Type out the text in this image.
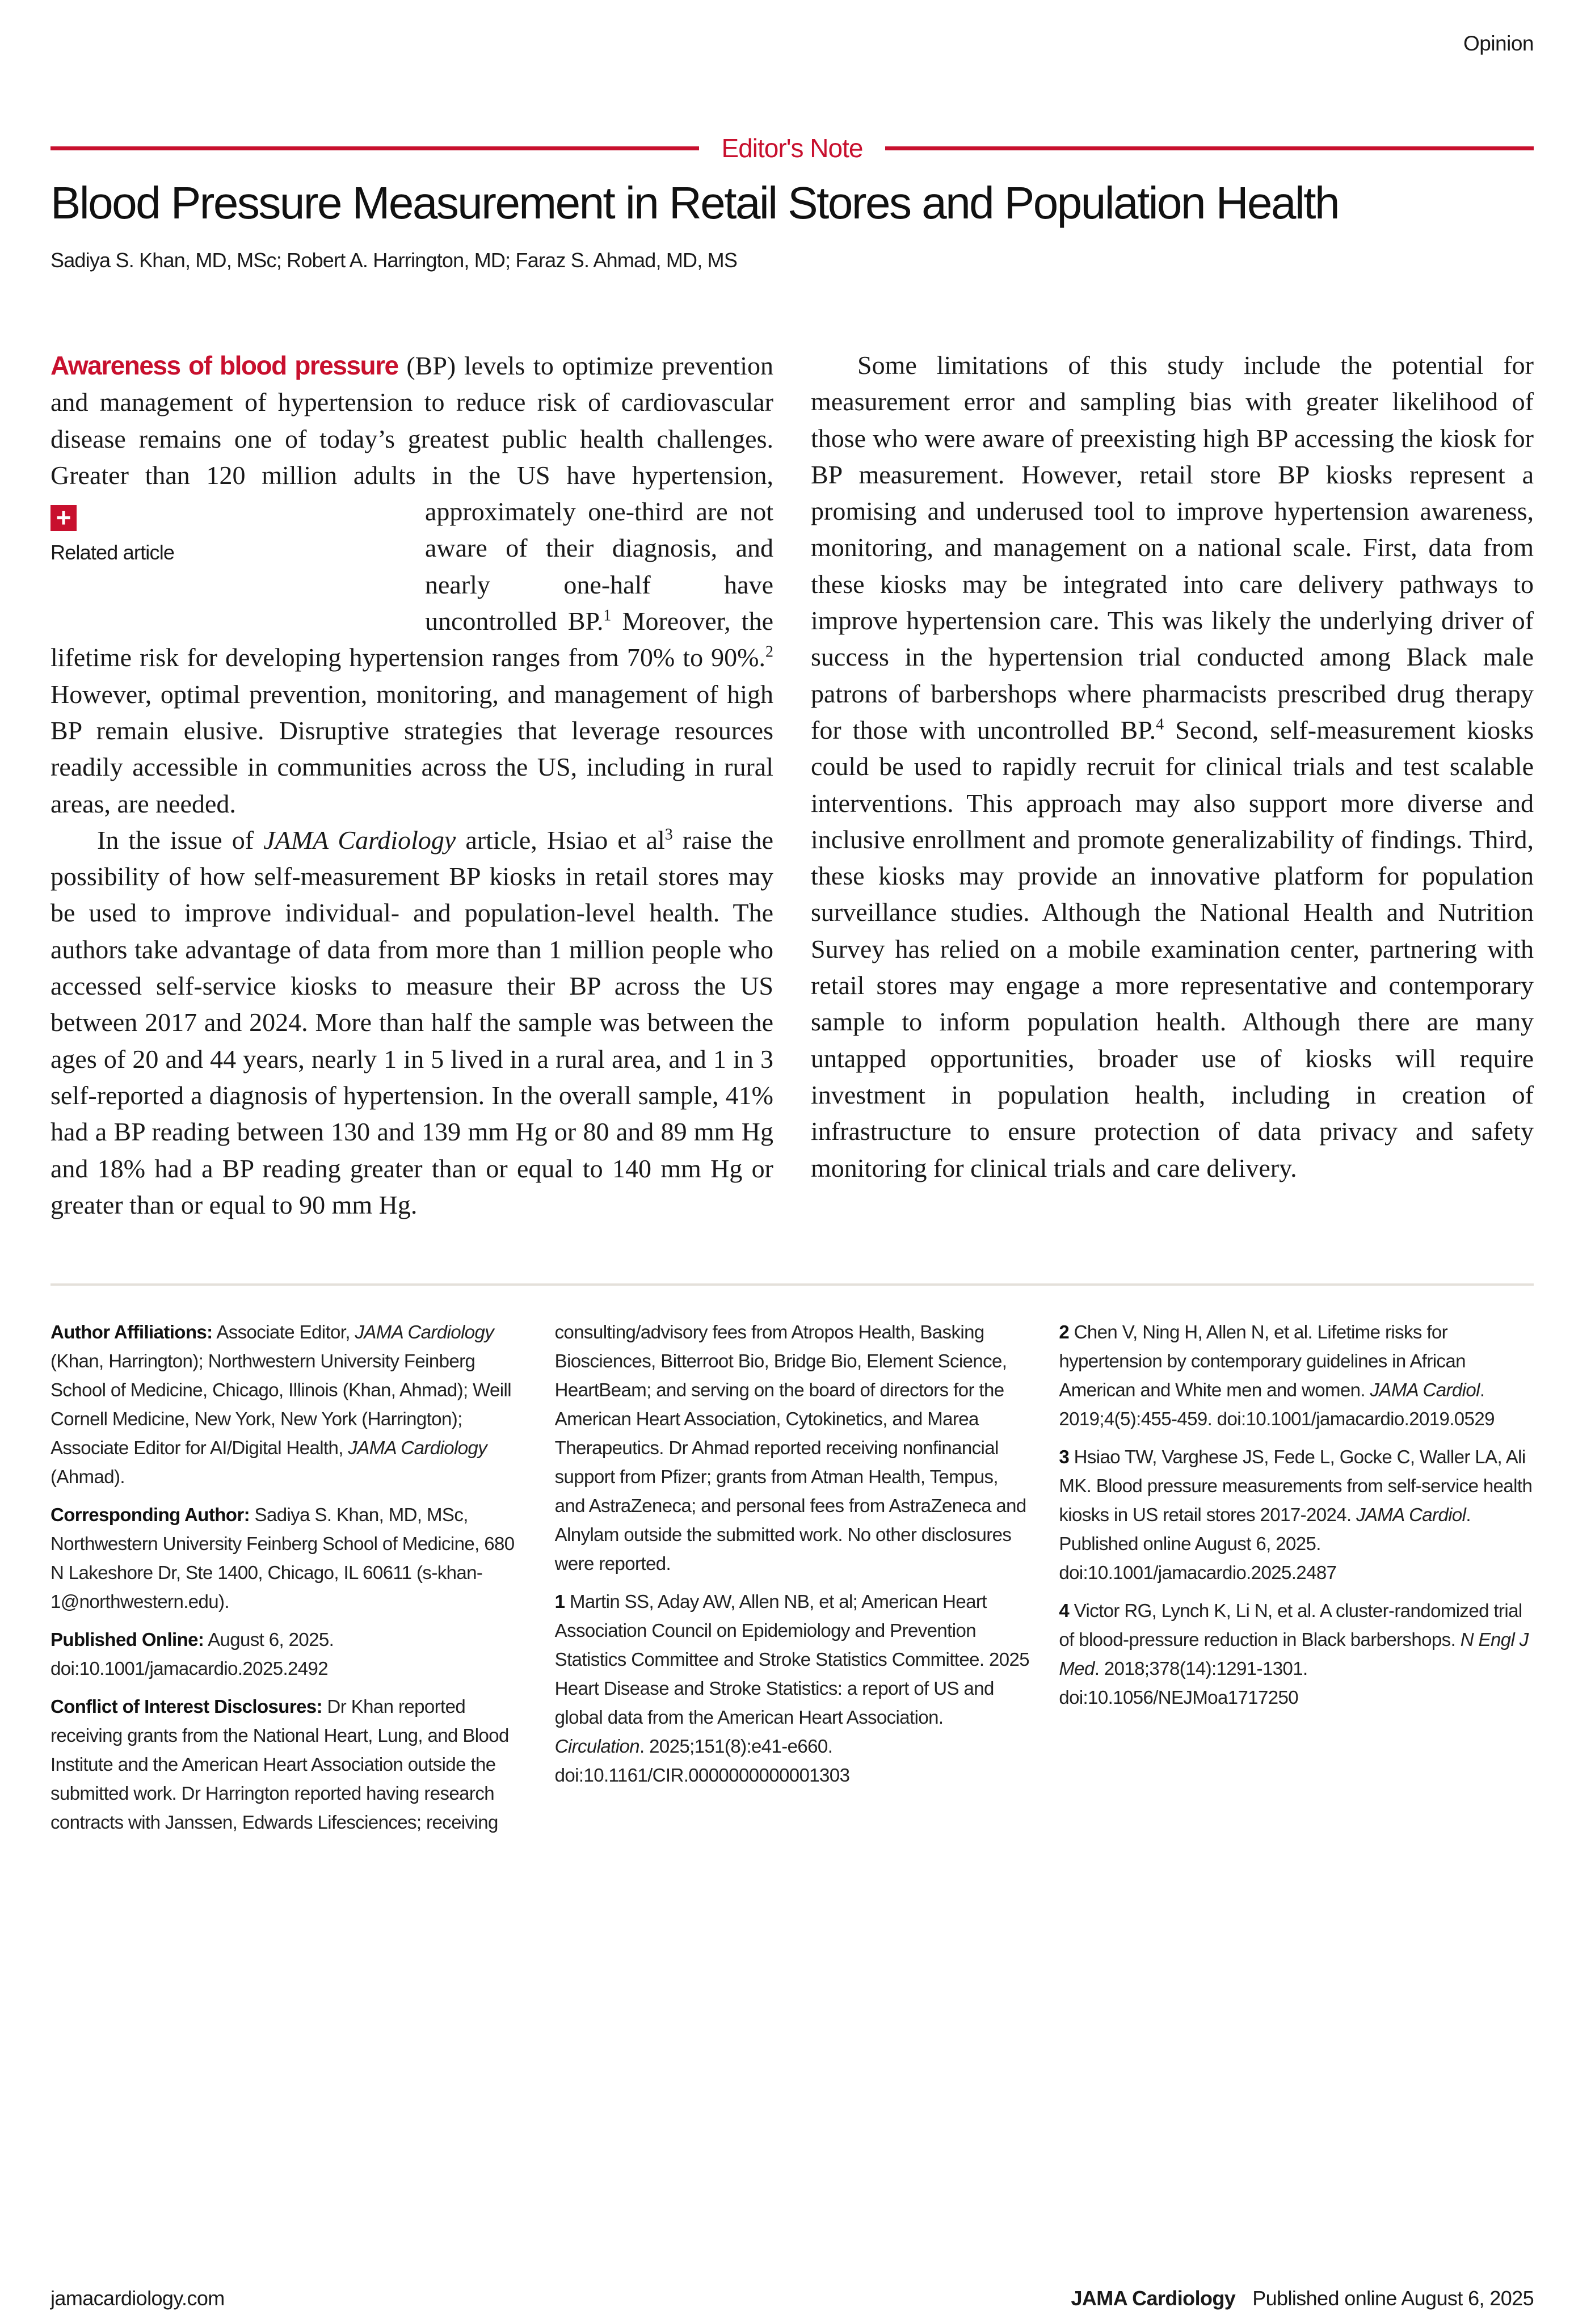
Opinion
Editor's Note
Blood Pressure Measurement in Retail Stores and Population Health
Sadiya S. Khan, MD, MSc; Robert A. Harrington, MD; Faraz S. Ahmad, MD, MS

Awareness of blood pressure (BP) levels to optimize prevention and management of hypertension to reduce risk of cardiovascular disease remains one of today’s greatest public health challenges. Greater than 120 million adults in the
+
Related article
US have hypertension, approximately one-third are not aware of their diagnosis, and nearly one-half have uncontrolled BP.$^1$ Moreover, the lifetime risk for developing hypertension ranges from 70% to 90%.$^2$ However, optimal prevention, monitoring, and management of high BP remain elusive. Disruptive strategies that leverage resources readily accessible in communities across the US, including in rural areas, are needed.

In the issue of JAMA Cardiology article, Hsiao et $al^3$ raise the possibility of how self-measurement BP kiosks in retail stores may be used to improve individual- and population-level health. The authors take advantage of data from more than 1 million people who accessed self-service kiosks to measure their BP across the US between 2017 and 2024. More than half the sample was between the ages of 20 and 44 years, nearly 1 in 5 lived in a rural area, and 1 in 3 self-reported a diagnosis of hypertension. In the overall sample, 41% had a BP reading between 130 and 139 mm Hg or 80 and 89 mm Hg and 18% had a BP reading greater than or equal to 140 mm Hg or greater than or equal to 90 mm Hg.

Some limitations of this study include the potential for measurement error and sampling bias with greater likelihood of those who were aware of preexisting high BP accessing the kiosk for BP measurement. However, retail store BP kiosks represent a promising and underused tool to improve hypertension awareness, monitoring, and management on a national scale. First, data from these kiosks may be integrated into care delivery pathways to improve hypertension care. This was likely the underlying driver of success in the hypertension trial conducted among Black male patrons of barbershops where pharmacists prescribed drug therapy for those with uncontrolled BP.$^4$ Second, self-measurement kiosks could be used to rapidly recruit for clinical trials and test scalable interventions. This approach may also support more diverse and inclusive enrollment and promote generalizability of findings. Third, these kiosks may provide an innovative platform for population surveillance studies. Although the National Health and Nutrition Survey has relied on a mobile examination center, partnering with retail stores may engage a more representative and contemporary sample to inform population health. Although there are many untapped opportunities, broader use of kiosks will require investment in population health, including in creation of infrastructure to ensure protection of data privacy and safety monitoring for clinical trials and care delivery.

Author Affiliations: Associate Editor, JAMA Cardiology (Khan, Harrington); Northwestern University Feinberg School of Medicine, Chicago, Illinois (Khan, Ahmad); Weill Cornell Medicine, New York, New York (Harrington); Associate Editor for AI/Digital Health, JAMA Cardiology (Ahmad).

Corresponding Author: Sadiya S. Khan, MD, MSc, Northwestern University Feinberg School of Medicine, 680 N Lakeshore Dr, Ste 1400, Chicago, IL 60611 (s-khan-1@northwestern.edu).

Published Online: August 6, 2025. doi:10.1001/jamacardio.2025.2492

Conflict of Interest Disclosures: Dr Khan reported receiving grants from the National Heart, Lung, and Blood Institute and the American Heart Association outside the submitted work. Dr Harrington reported having research contracts with Janssen, Edwards Lifesciences; receiving consulting/advisory fees from Atropos Health, Basking Biosciences, Bitterroot Bio, Bridge Bio, Element Science, HeartBeam; and serving on the board of directors for the American Heart Association, Cytokinetics, and Marea Therapeutics. Dr Ahmad reported receiving nonfinancial support from Pfizer; grants from Atman Health, Tempus, and AstraZeneca; and personal fees from AstraZeneca and Alnylam outside the submitted work. No other disclosures were reported.

1 Martin SS, Aday AW, Allen NB, et al; American Heart Association Council on Epidemiology and Prevention Statistics Committee and Stroke Statistics Committee. 2025 Heart Disease and Stroke Statistics: a report of US and global data from the American Heart Association. Circulation. 2025;151(8):e41-e660. doi:10.1161/CIR.0000000000001303

2 Chen V, Ning H, Allen N, et al. Lifetime risks for hypertension by contemporary guidelines in African American and White men and women. JAMA Cardiol. 2019;4(5):455-459. doi:10.1001/jamacardio.2019.0529

3 Hsiao TW, Varghese JS, Fede L, Gocke C, Waller LA, Ali MK. Blood pressure measurements from self-service health kiosks in US retail stores 2017-2024. JAMA Cardiol. Published online August 6, 2025. doi:10.1001/jamacardio.2025.2487

4 Victor RG, Lynch K, Li N, et al. A cluster-randomized trial of blood-pressure reduction in Black barbershops. N Engl J Med. 2018;378(14):1291-1301. doi:10.1056/NEJMoa1717250

jamacardiology.com	JAMA Cardiology Published online August 6, 2025
